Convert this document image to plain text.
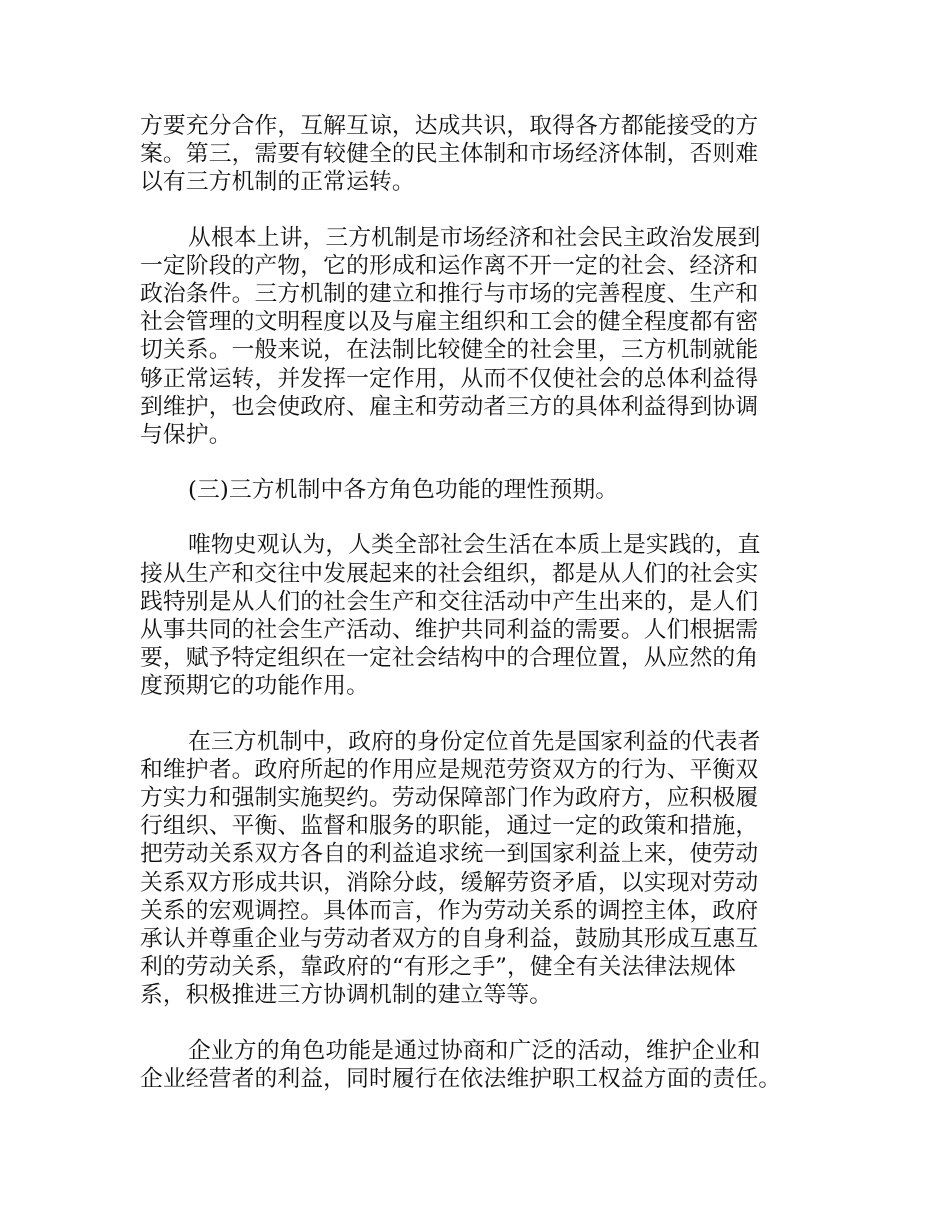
方要充分合作，互解互谅，达成共识，取得各方都能接受的方
案。第三，需要有较健全的民主体制和市场经济体制，否则难
以有三方机制的正常运转。
从根本上讲，三方机制是市场经济和社会民主政治发展到
一定阶段的产物，它的形成和运作离不开一定的社会、经济和
政治条件。三方机制的建立和推行与市场的完善程度、生产和
社会管理的文明程度以及与雇主组织和工会的健全程度都有密
切关系。一般来说，在法制比较健全的社会里，三方机制就能
够正常运转，并发挥一定作用，从而不仅使社会的总体利益得
到维护，也会使政府、雇主和劳动者三方的具体利益得到协调
与保护。
(三)三方机制中各方角色功能的理性预期。
唯物史观认为，人类全部社会生活在本质上是实践的，直
接从生产和交往中发展起来的社会组织，都是从人们的社会实
践特别是从人们的社会生产和交往活动中产生出来的，是人们
从事共同的社会生产活动、维护共同利益的需要。人们根据需
要，赋予特定组织在一定社会结构中的合理位置，从应然的角
度预期它的功能作用。
在三方机制中，政府的身份定位首先是国家利益的代表者
和维护者。政府所起的作用应是规范劳资双方的行为、平衡双
方实力和强制实施契约。劳动保障部门作为政府方，应积极履
行组织、平衡、监督和服务的职能，通过一定的政策和措施，
把劳动关系双方各自的利益追求统一到国家利益上来，使劳动
关系双方形成共识，消除分歧，缓解劳资矛盾，以实现对劳动
关系的宏观调控。具体而言，作为劳动关系的调控主体，政府
承认并尊重企业与劳动者双方的自身利益，鼓励其形成互惠互
利的劳动关系，靠政府的“有形之手”，健全有关法律法规体
系，积极推进三方协调机制的建立等等。
企业方的角色功能是通过协商和广泛的活动，维护企业和
企业经营者的利益，同时履行在依法维护职工权益方面的责任。
